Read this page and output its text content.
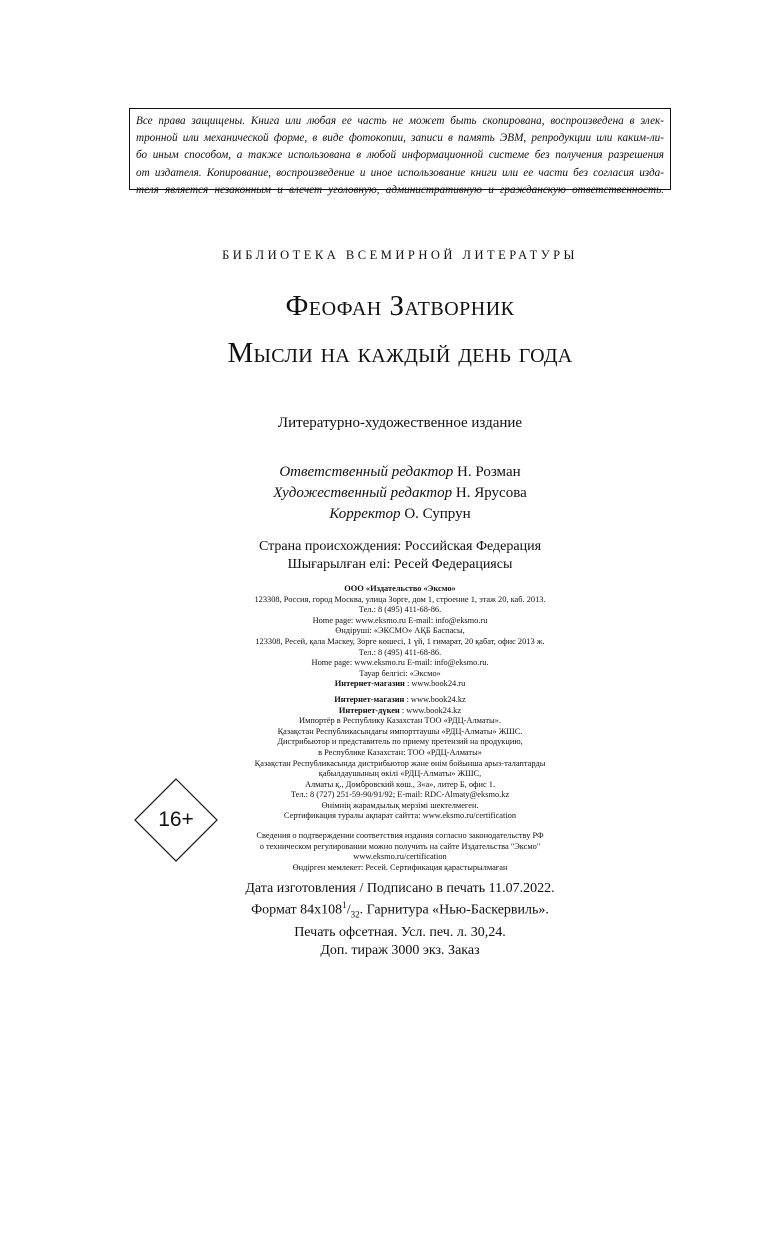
Все права защищены. Книга или любая ее часть не может быть скопирована, воспроизведена в элек-
тронной или механической форме, в виде фотокопии, записи в память ЭВМ, репродукции или каким-ли-
бо иным способом, а также использована в любой информационной системе без получения разрешения
от издателя. Копирование, воспроизведение и иное использование книги или ее части без согласия изда-
теля является незаконным и влечет уголовную, административную и гражданскую ответственность.
БИБЛИОТЕКА ВСЕМИРНОЙ ЛИТЕРАТУРЫ
Феофан Затворник
Мысли на каждый день года
Литературно-художественное издание
Ответственный редактор Н. Розман
Художественный редактор Н. Ярусова
Корректор О. Супрун
Страна происхождения: Российская Федерация
Шығарылған елі: Ресей Федерациясы
ООО «Издательство «Эксмо»
123308, Россия, город Москва, улица Зорге, дом 1, строение 1, этаж 20, каб. 2013.
Тел.: 8 (495) 411-68-86.
Home page: www.eksmo.ru E-mail: info@eksmo.ru
Өндіруші: «ЭКСМО» АҚБ Баспасы,
123308, Ресей, қала Мәскеу, Зорге көшесі, 1 үй, 1 ғимарат, 20 қабат, офис 2013 ж.
Тел.: 8 (495) 411-68-86.
Home page: www.eksmo.ru E-mail: info@eksmo.ru.
Тауар белгісі: «Эксмо»
Интернет-магазин : www.book24.ru
Интернет-магазин : www.book24.kz
Интернет-дүкен : www.book24.kz
Импортёр в Республику Казахстан ТОО «РДЦ-Алматы».
Қазақстан Республикасындағы импорттаушы «РДЦ-Алматы» ЖШС.
Дистрибьютор и представитель по приему претензий на продукцию,
в Республике Казахстан: ТОО «РДЦ-Алматы»
Қазақстан Республикасында дистрибьютор және өнім бойынша арыз-талаптарды
қабылдаушының өкілі «РДЦ-Алматы» ЖШС,
Алматы қ., Домбровский көш., 3«а», литер Б, офис 1.
Тел.: 8 (727) 251-59-90/91/92; E-mail: RDC-Almaty@eksmo.kz
Өнімнің жарамдылық мерзімі шектелмеген.
Сертификация туралы ақпарат сайтта: www.eksmo.ru/certification
16+
Сведения о подтверждении соответствия издания согласно законодательству РФ
о техническом регулировании можно получить на сайте Издательства "Эксмо"
www.eksmo.ru/certification
Өндірген мемлекет: Ресей. Сертификация қарастырылмаған
Дата изготовления / Подписано в печать 11.07.2022.
Формат $84x108^1/_{32}$. Гарнитура «Нью-Баскервиль».
Печать офсетная. Усл. печ. л. 30,24.
Доп. тираж 3000 экз. Заказ
